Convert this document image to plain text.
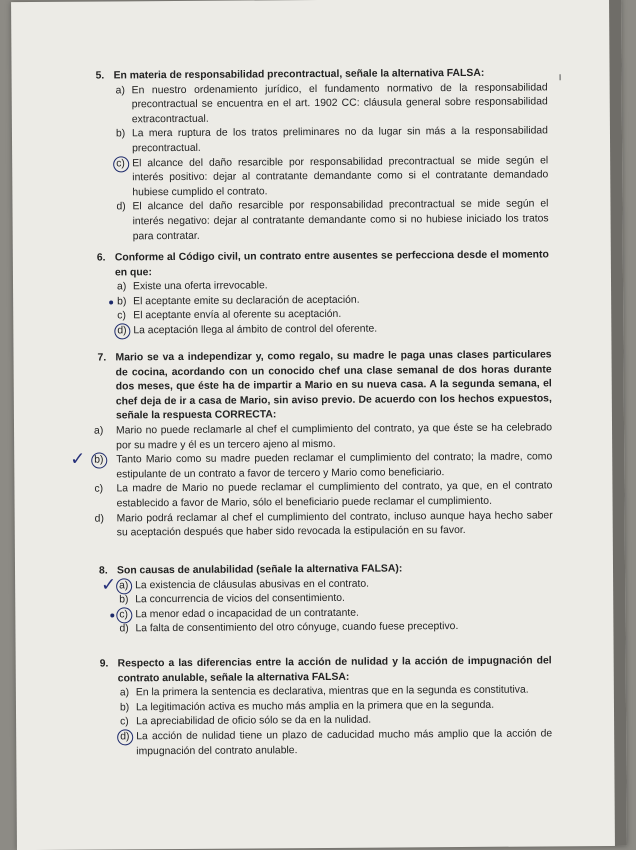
5. En materia de responsabilidad precontractual, señale la alternativa FALSA:
a) En nuestro ordenamiento jurídico, el fundamento normativo de la responsabilidad precontractual se encuentra en el art. 1902 CC: cláusula general sobre responsabilidad extracontractual.
b) La mera ruptura de los tratos preliminares no da lugar sin más a la responsabilidad precontractual.
c) El alcance del daño resarcible por responsabilidad precontractual se mide según el interés positivo: dejar al contratante demandante como si el contratante demandado hubiese cumplido el contrato.
d) El alcance del daño resarcible por responsabilidad precontractual se mide según el interés negativo: dejar al contratante demandante como si no hubiese iniciado los tratos para contratar.
6. Conforme al Código civil, un contrato entre ausentes se perfecciona desde el momento en que:
a) Existe una oferta irrevocable.
b) El aceptante emite su declaración de aceptación.
c) El aceptante envía al oferente su aceptación.
d) La aceptación llega al ámbito de control del oferente.
7. Mario se va a independizar y, como regalo, su madre le paga unas clases particulares de cocina, acordando con un conocido chef una clase semanal de dos horas durante dos meses, que éste ha de impartir a Mario en su nueva casa. A la segunda semana, el chef deja de ir a casa de Mario, sin aviso previo. De acuerdo con los hechos expuestos, señale la respuesta CORRECTA:
a)	Mario no puede reclamarle al chef el cumplimiento del contrato, ya que éste se ha celebrado por su madre y él es un tercero ajeno al mismo.
✓ b)	Tanto Mario como su madre pueden reclamar el cumplimiento del contrato; la madre, como estipulante de un contrato a favor de tercero y Mario como beneficiario.
c)	La madre de Mario no puede reclamar el cumplimiento del contrato, ya que, en el contrato establecido a favor de Mario, sólo el beneficiario puede reclamar el cumplimiento.
d)	Mario podrá reclamar al chef el cumplimiento del contrato, incluso aunque haya hecho saber su aceptación después que haber sido revocada la estipulación en su favor.
8. Son causas de anulabilidad (señale la alternativa FALSA):
✓ a) La existencia de cláusulas abusivas en el contrato.
b) La concurrencia de vicios del consentimiento.
c) La menor edad o incapacidad de un contratante.
d) La falta de consentimiento del otro cónyuge, cuando fuese preceptivo.
9. Respecto a las diferencias entre la acción de nulidad y la acción de impugnación del contrato anulable, señale la alternativa FALSA:
a) En la primera la sentencia es declarativa, mientras que en la segunda es constitutiva.
b) La legitimación activa es mucho más amplia en la primera que en la segunda.
c) La apreciabilidad de oficio sólo se da en la nulidad.
d) La acción de nulidad tiene un plazo de caducidad mucho más amplio que la acción de impugnación del contrato anulable.
